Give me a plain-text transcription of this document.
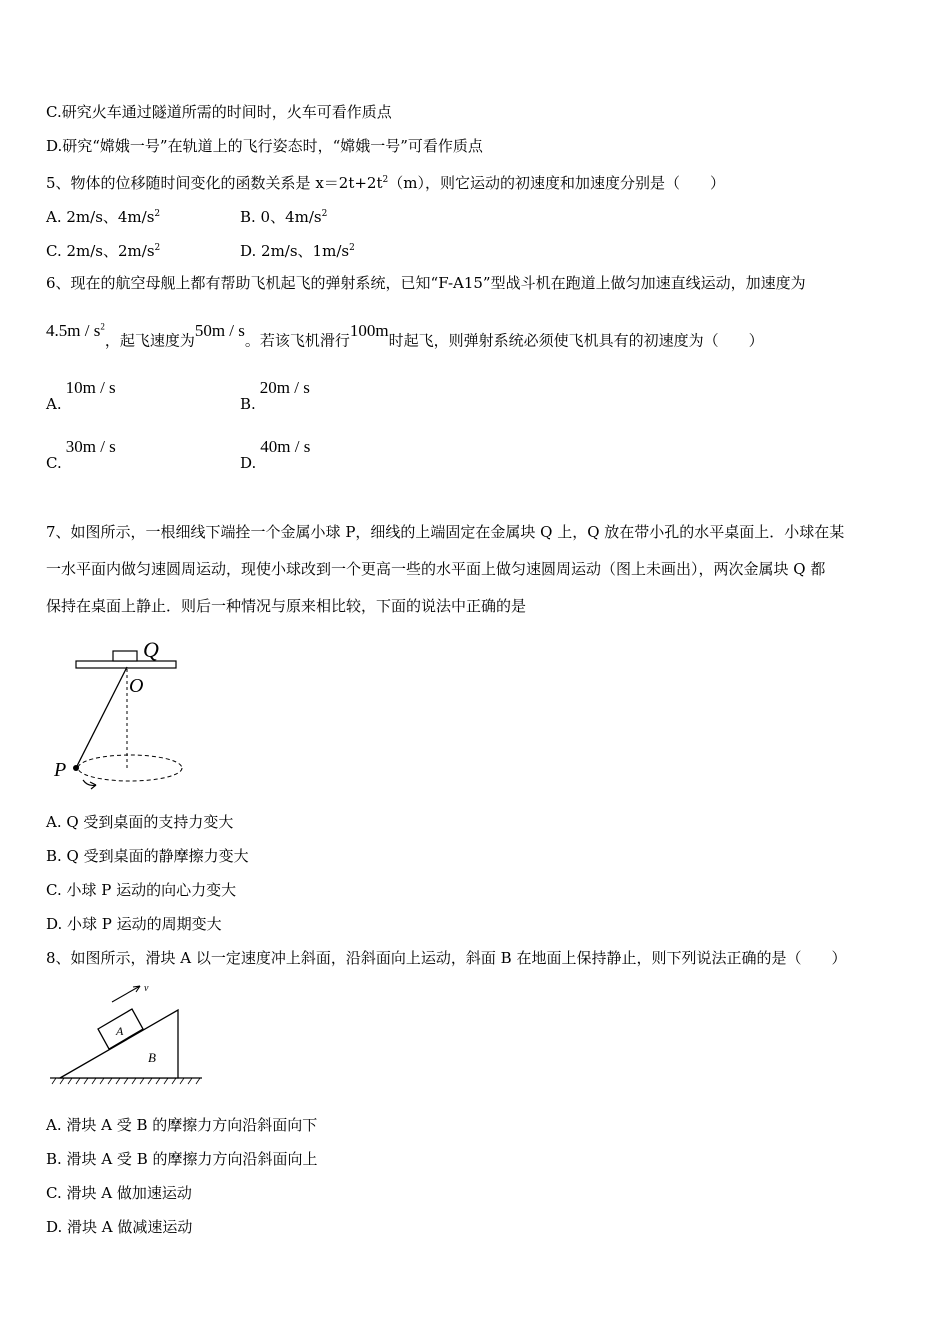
C.研究火车通过隧道所需的时间时，火车可看作质点
D.研究“嫦娥一号”在轨道上的飞行姿态时，“嫦娥一号”可看作质点
5、物体的位移随时间变化的函数关系是 $x=2t+2t^2(m)$，则它运动的初速度和加速度分别是（　　）
A. 2m/s、$4m/s^2$	B. 0、$4m/s^2$
C. 2m/s、$2m/s^2$	D. 2m/s、$1m/s^2$
6、现在的航空母舰上都有帮助飞机起飞的弹射系统，已知“F-A15”型战斗机在跑道上做匀加速直线运动，加速度为
$4.5m / s^2$，起飞速度为50m / s。若该飞机滑行100m时起飞，则弹射系统必须使飞机具有的初速度为（　　）
A.10m / s
B.20m / s
C.30m / s
D.40m / s
7、如图所示，一根细线下端拴一个金属小球 P，细线的上端固定在金属块 Q 上，Q 放在带小孔的水平桌面上．小球在某
一水平面内做匀速圆周运动，现使小球改到一个更高一些的水平面上做匀速圆周运动（图上未画出），两次金属块 Q 都
保持在桌面上静止．则后一种情况与原来相比较，下面的说法中正确的是
Q
O
P
A. Q 受到桌面的支持力变大
B. Q 受到桌面的静摩擦力变大
C. 小球 P 运动的向心力变大
D. 小球 P 运动的周期变大
8、如图所示，滑块 A 以一定速度冲上斜面，沿斜面向上运动，斜面 B 在地面上保持静止，则下列说法正确的是（　　）
v
A
B
A. 滑块 A 受 B 的摩擦力方向沿斜面向下
B. 滑块 A 受 B 的摩擦力方向沿斜面向上
C. 滑块 A 做加速运动
D. 滑块 A 做减速运动
